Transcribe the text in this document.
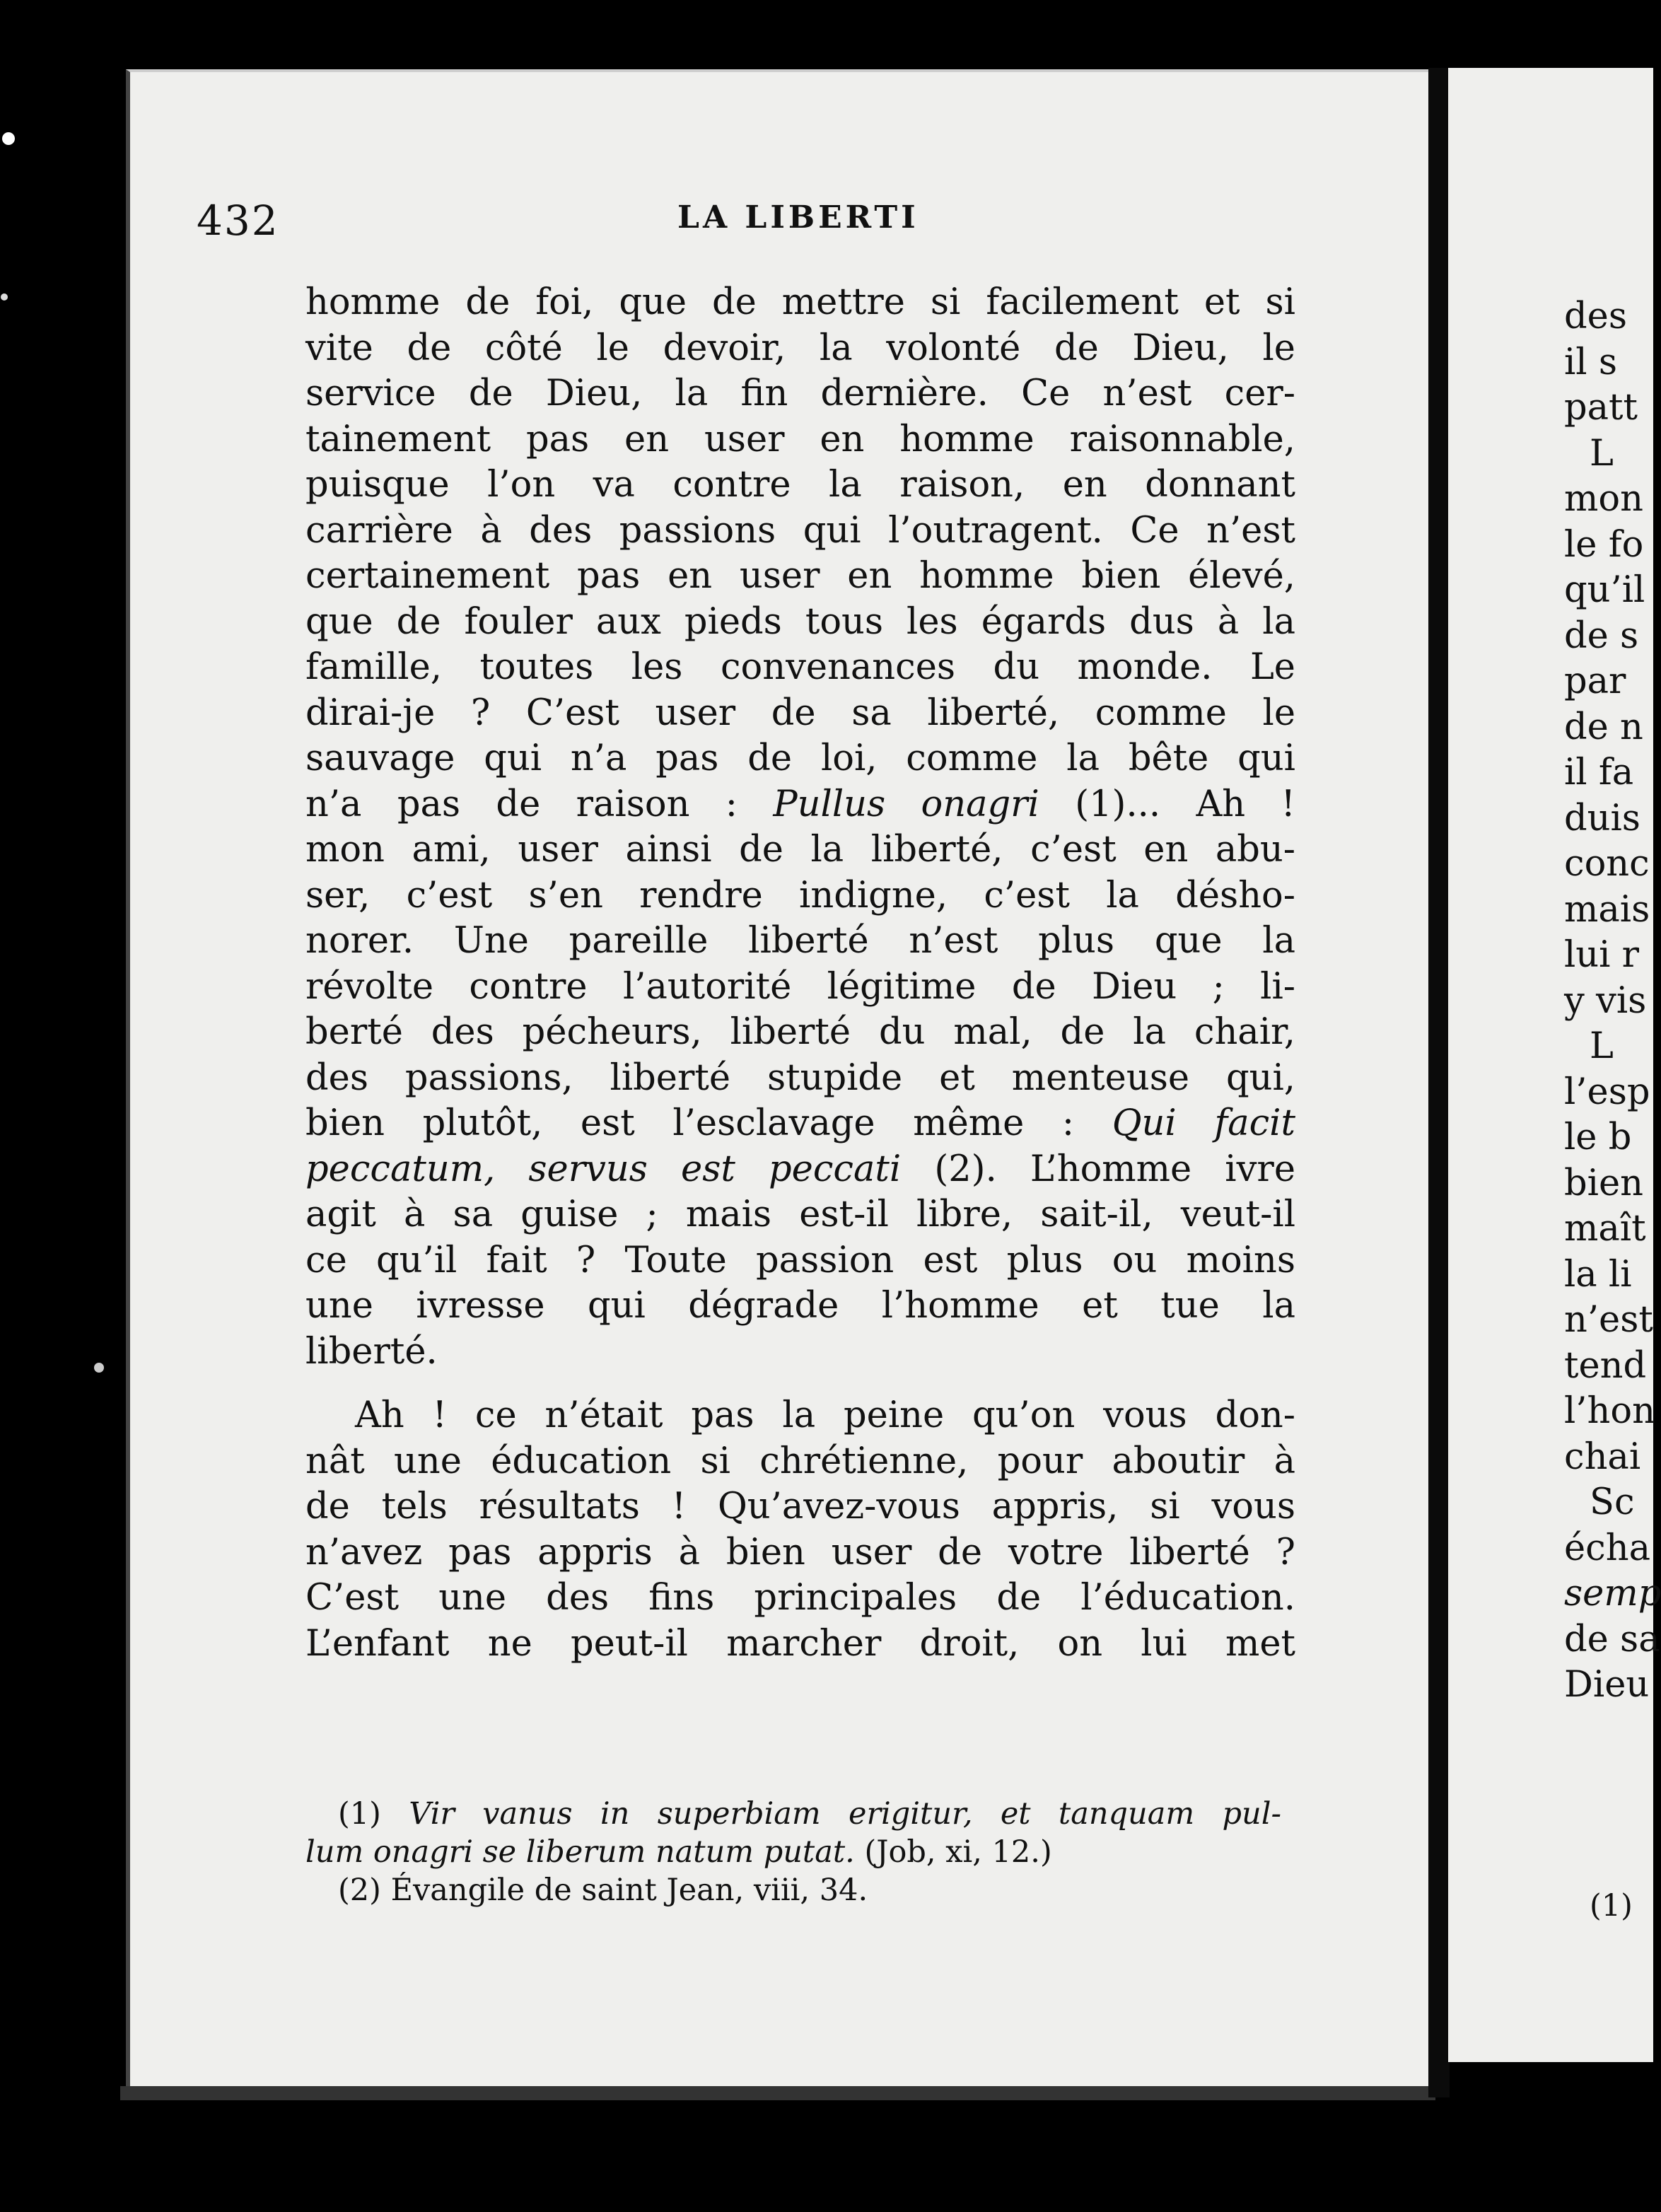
432	LA LIBERTI
homme de foi, que de mettre si facilement et si
vite de côté le devoir, la volonté de Dieu, le
service de Dieu, la fin dernière. Ce n’est cer-
tainement pas en user en homme raisonnable,
puisque l’on va contre la raison, en donnant
carrière à des passions qui l’outragent. Ce n’est
certainement pas en user en homme bien élevé,
que de fouler aux pieds tous les égards dus à la
famille, toutes les convenances du monde. Le
dirai-je ? C’est user de sa liberté, comme le
sauvage qui n’a pas de loi, comme la bête qui
n’a pas de raison : Pullus onagri (1)... Ah !
mon ami, user ainsi de la liberté, c’est en abu-
ser, c’est s’en rendre indigne, c’est la désho-
norer. Une pareille liberté n’est plus que la
révolte contre l’autorité légitime de Dieu ; li-
berté des pécheurs, liberté du mal, de la chair,
des passions, liberté stupide et menteuse qui,
bien plutôt, est l’esclavage même : Qui facit
peccatum, servus est peccati (2). L’homme ivre
agit à sa guise ; mais est-il libre, sait-il, veut-il
ce qu’il fait ? Toute passion est plus ou moins
une ivresse qui dégrade l’homme et tue la
liberté.
Ah ! ce n’était pas la peine qu’on vous don-
nât une éducation si chrétienne, pour aboutir à
de tels résultats ! Qu’avez-vous appris, si vous
n’avez pas appris à bien user de votre liberté ?
C’est une des fins principales de l’éducation.
L’enfant ne peut-il marcher droit, on lui met
(1) Vir vanus in superbiam erigitur, et tanquam pul-
lum onagri se liberum natum putat. (Job, xi, 12.)
(2) Évangile de saint Jean, viii, 34.
des
il s
patt
L
mon
le fo
qu’il
de s
par
de n
il fa
duis
conc
mais
lui r
y vis
L
l’esp
le b
bien
maît
la li
n’est
tend
l’hon
chai
Sc
écha
semp
de sa
Dieu
(1)
